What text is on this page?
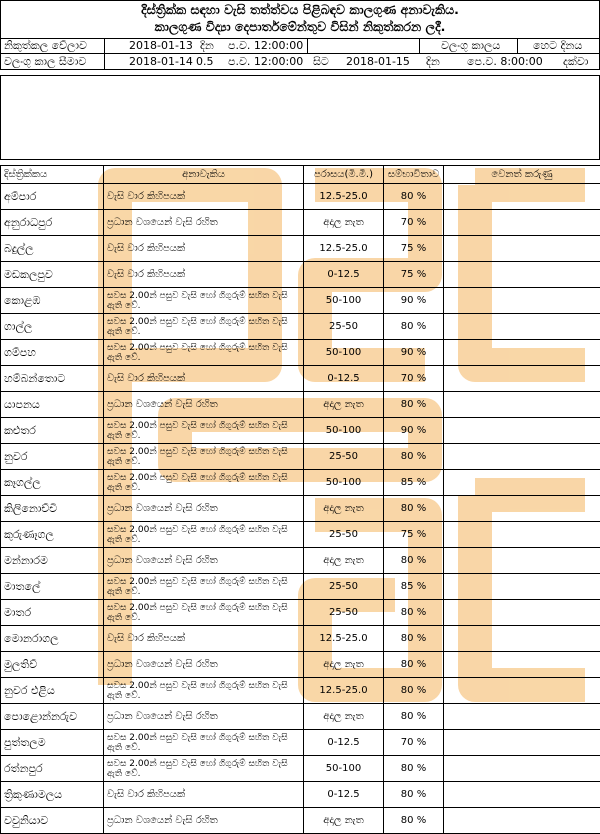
දිස්ත්‍රික්ක සඳහා වැසි තත්ත්වය පිළිබඳව කාලගුණ අනාවැකිය.
කාලගුණ විද්‍යා දෙපාර්තමේන්තුව විසින් නිකුත්කරන ලදී.
නිකුත්කල වේලාව	2018-01-13 දින ප.ව. 12:00:00	වලංගු කාලය	හෙට දිනය
වලංගු කාල සීමාව	2018-01-14 0.5 ප.ව. 12:00:00 සිට 2018-01-15 දින පෙ.ව. 8:00:00 දක්වා
දිස්ත්‍රික්කය	අනාවැකිය	පරාසය(මි.මී.)	සම්භාවිතාව	වෙනත් කරුණු
අම්පාර	වැසි වාර කිහිපයක්	12.5-25.0	80 %	
අනුරාධපුර	ප්‍රධාන වශයෙන් වැසි රහිත	අදාල නැත	70 %	
බදුල්ල	වැසි වාර කිහිපයක්	12.5-25.0	75 %	
මඩකලපුව	වැසි වාර කිහිපයක්	0-12.5	75 %	
කොළඹ	සවස 2.00න් පසුව වැසි හෝ ගිගුරුම් සහිත වැසි ඇති වේ.	50-100	90 %	
ගාල්ල	සවස 2.00න් පසුව වැසි හෝ ගිගුරුම් සහිත වැසි ඇති වේ.	25-50	80 %	
ගම්පහ	සවස 2.00න් පසුව වැසි හෝ ගිගුරුම් සහිත වැසි ඇති වේ.	50-100	90 %	
හම්බන්තොට	වැසි වාර කිහිපයක්	0-12.5	70 %	
යාපනය	ප්‍රධාන වශයෙන් වැසි රහිත	අදාල නැත	80 %	
කළුතර	සවස 2.00න් පසුව වැසි හෝ ගිගුරුම් සහිත වැසි ඇති වේ.	50-100	90 %	
නුවර	සවස 2.00න් පසුව වැසි හෝ ගිගුරුම් සහිත වැසි ඇති වේ.	25-50	80 %	
කෑගල්ල	සවස 2.00න් පසුව වැසි හෝ ගිගුරුම් සහිත වැසි ඇති වේ.	50-100	85 %	
කිලිනොච්චි	ප්‍රධාන වශයෙන් වැසි රහිත	අදාල නැත	80 %	
කුරුණෑගල	සවස 2.00න් පසුව වැසි හෝ ගිගුරුම් සහිත වැසි ඇති වේ.	25-50	75 %	
මන්නාරම	ප්‍රධාන වශයෙන් වැසි රහිත	අදාල නැත	80 %	
මාතලේ	සවස 2.00න් පසුව වැසි හෝ ගිගුරුම් සහිත වැසි ඇති වේ.	25-50	85 %	
මාතර	සවස 2.00න් පසුව වැසි හෝ ගිගුරුම් සහිත වැසි ඇති වේ.	25-50	80 %	
මොනරාගල	වැසි වාර කිහිපයක්	12.5-25.0	80 %	
මුලතිව්	ප්‍රධාන වශයෙන් වැසි රහිත	අදාල නැත	80 %	
නුවර එළිය	සවස 2.00න් පසුව වැසි හෝ ගිගුරුම් සහිත වැසි ඇති වේ.	12.5-25.0	80 %	
පොළොන්නරුව	ප්‍රධාන වශයෙන් වැසි රහිත	අදාල නැත	80 %	
පුත්තලම	සවස 2.00න් පසුව වැසි හෝ ගිගුරුම් සහිත වැසි ඇති වේ.	0-12.5	70 %	
රත්නපුර	සවස 2.00න් පසුව වැසි හෝ ගිගුරුම් සහිත වැසි ඇති වේ.	50-100	80 %	
ත්‍රිකුණාමලය	වැසි වාර කිහිපයක්	0-12.5	80 %	
වවුනියාව	ප්‍රධාන වශයෙන් වැසි රහිත	අදාල නැත	80 %	
